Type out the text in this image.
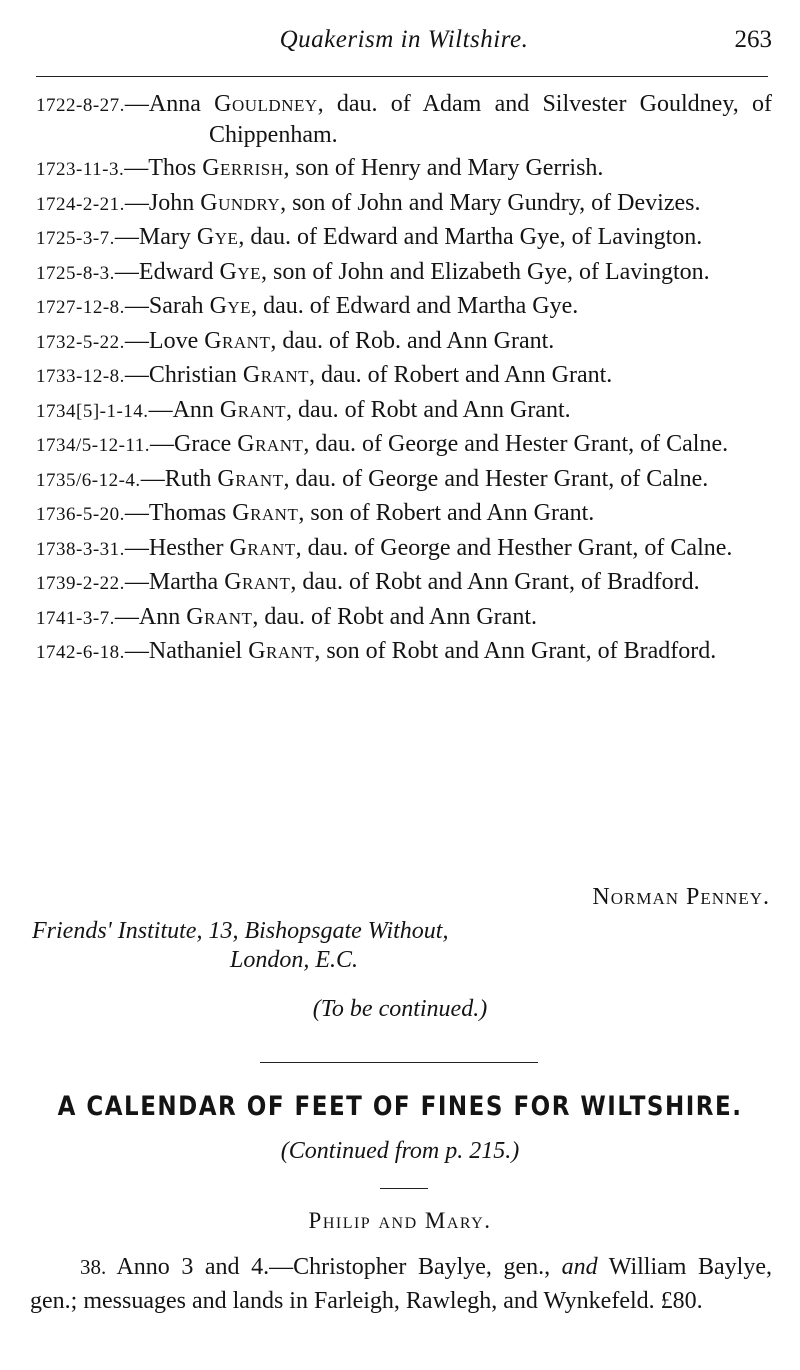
Quakerism in Wiltshire.	263
1722-8-27.—Anna Gouldney, dau. of Adam and Silvester Gouldney, of Chippenham.
1723-11-3.—Thos Gerrish, son of Henry and Mary Gerrish.
1724-2-21.—John Gundry, son of John and Mary Gundry, of Devizes.
1725-3-7.—Mary Gye, dau. of Edward and Martha Gye, of Lavington.
1725-8-3.—Edward Gye, son of John and Elizabeth Gye, of Lavington.
1727-12-8.—Sarah Gye, dau. of Edward and Martha Gye.
1732-5-22.—Love Grant, dau. of Rob. and Ann Grant.
1733-12-8.—Christian Grant, dau. of Robert and Ann Grant.
1734[5]-1-14.—Ann Grant, dau. of Robt and Ann Grant.
1734/5-12-11.—Grace Grant, dau. of George and Hester Grant, of Calne.
1735/6-12-4.—Ruth Grant, dau. of George and Hester Grant, of Calne.
1736-5-20.—Thomas Grant, son of Robert and Ann Grant.
1738-3-31.—Hesther Grant, dau. of George and Hesther Grant, of Calne.
1739-2-22.—Martha Grant, dau. of Robt and Ann Grant, of Bradford.
1741-3-7.—Ann Grant, dau. of Robt and Ann Grant.
1742-6-18.—Nathaniel Grant, son of Robt and Ann Grant, of Bradford.
Norman Penney.
Friends' Institute, 13, Bishopsgate Without,
London, E.C.
(To be continued.)
A CALENDAR OF FEET OF FINES FOR WILTSHIRE.
(Continued from p. 215.)
Philip and Mary.
38. Anno 3 and 4.—Christopher Baylye, gen., and William Baylye, gen.; messuages and lands in Farleigh, Rawlegh, and Wynkefeld. £80.
